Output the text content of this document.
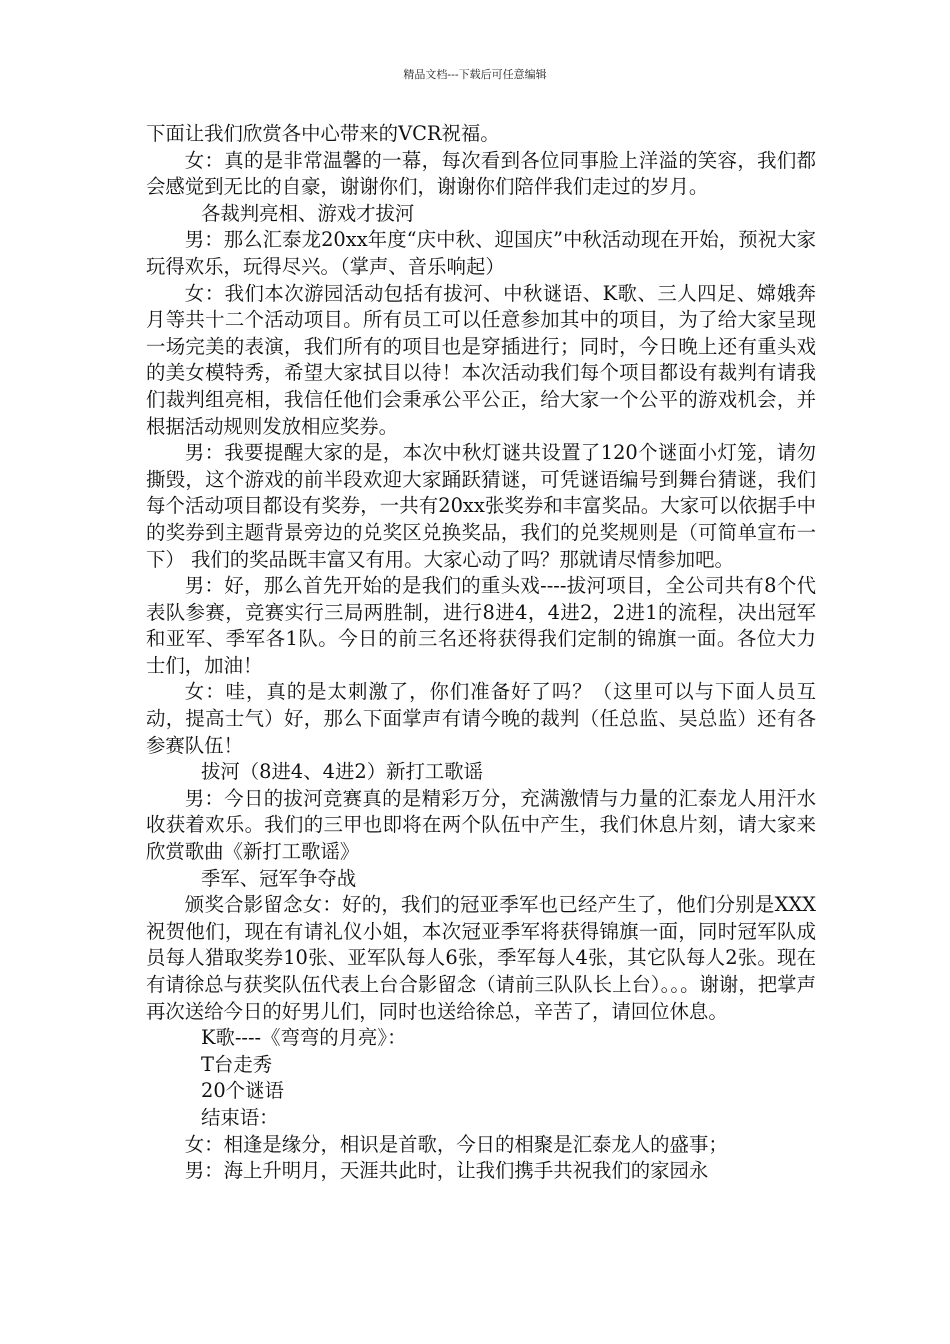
精品文档---下载后可任意编辑

下面让我们欣赏各中心带来的VCR祝福。

女：真的是非常温馨的一幕，每次看到各位同事脸上洋溢的笑容，我们都会感觉到无比的自豪，谢谢你们，谢谢你们陪伴我们走过的岁月。

各裁判亮相、游戏才拔河

男：那么汇泰龙20xx年度“庆中秋、迎国庆”中秋活动现在开始，预祝大家玩得欢乐，玩得尽兴。（掌声、音乐响起）

女：我们本次游园活动包括有拔河、中秋谜语、K歌、三人四足、嫦娥奔月等共十二个活动项目。所有员工可以任意参加其中的项目，为了给大家呈现一场完美的表演，我们所有的项目也是穿插进行；同时，今日晚上还有重头戏的美女模特秀，希望大家拭目以待！本次活动我们每个项目都设有裁判有请我们裁判组亮相，我信任他们会秉承公平公正，给大家一个公平的游戏机会，并根据活动规则发放相应奖券。

男：我要提醒大家的是，本次中秋灯谜共设置了120个谜面小灯笼，请勿撕毁，这个游戏的前半段欢迎大家踊跃猜谜，可凭谜语编号到舞台猜谜，我们每个活动项目都设有奖券，一共有20xx张奖券和丰富奖品。大家可以依据手中的奖券到主题背景旁边的兑奖区兑换奖品，我们的兑奖规则是（可简单宣布一下） 我们的奖品既丰富又有用。大家心动了吗？那就请尽情参加吧。

男：好，那么首先开始的是我们的重头戏----拔河项目，全公司共有8个代表队参赛，竞赛实行三局两胜制，进行8进4，4进2，2进1的流程，决出冠军和亚军、季军各1队。今日的前三名还将获得我们定制的锦旗一面。各位大力士们，加油！

女：哇，真的是太刺激了，你们准备好了吗？（这里可以与下面人员互动，提高士气）好，那么下面掌声有请今晚的裁判（任总监、吴总监）还有各参赛队伍！

拔河（8进4、4进2）新打工歌谣

男：今日的拔河竞赛真的是精彩万分，充满激情与力量的汇泰龙人用汗水收获着欢乐。我们的三甲也即将在两个队伍中产生，我们休息片刻，请大家来欣赏歌曲《新打工歌谣》

季军、冠军争夺战

颁奖合影留念女：好的，我们的冠亚季军也已经产生了，他们分别是XXX祝贺他们，现在有请礼仪小姐，本次冠亚季军将获得锦旗一面，同时冠军队成员每人猎取奖券10张、亚军队每人6张，季军每人4张，其它队每人2张。现在有请徐总与获奖队伍代表上台合影留念（请前三队队长上台）。。。谢谢，把掌声再次送给今日的好男儿们，同时也送给徐总，辛苦了，请回位休息。

K歌----《弯弯的月亮》：

T台走秀

20个谜语

结束语：

女：相逢是缘分，相识是首歌，今日的相聚是汇泰龙人的盛事；

男：海上升明月，天涯共此时，让我们携手共祝我们的家园永
